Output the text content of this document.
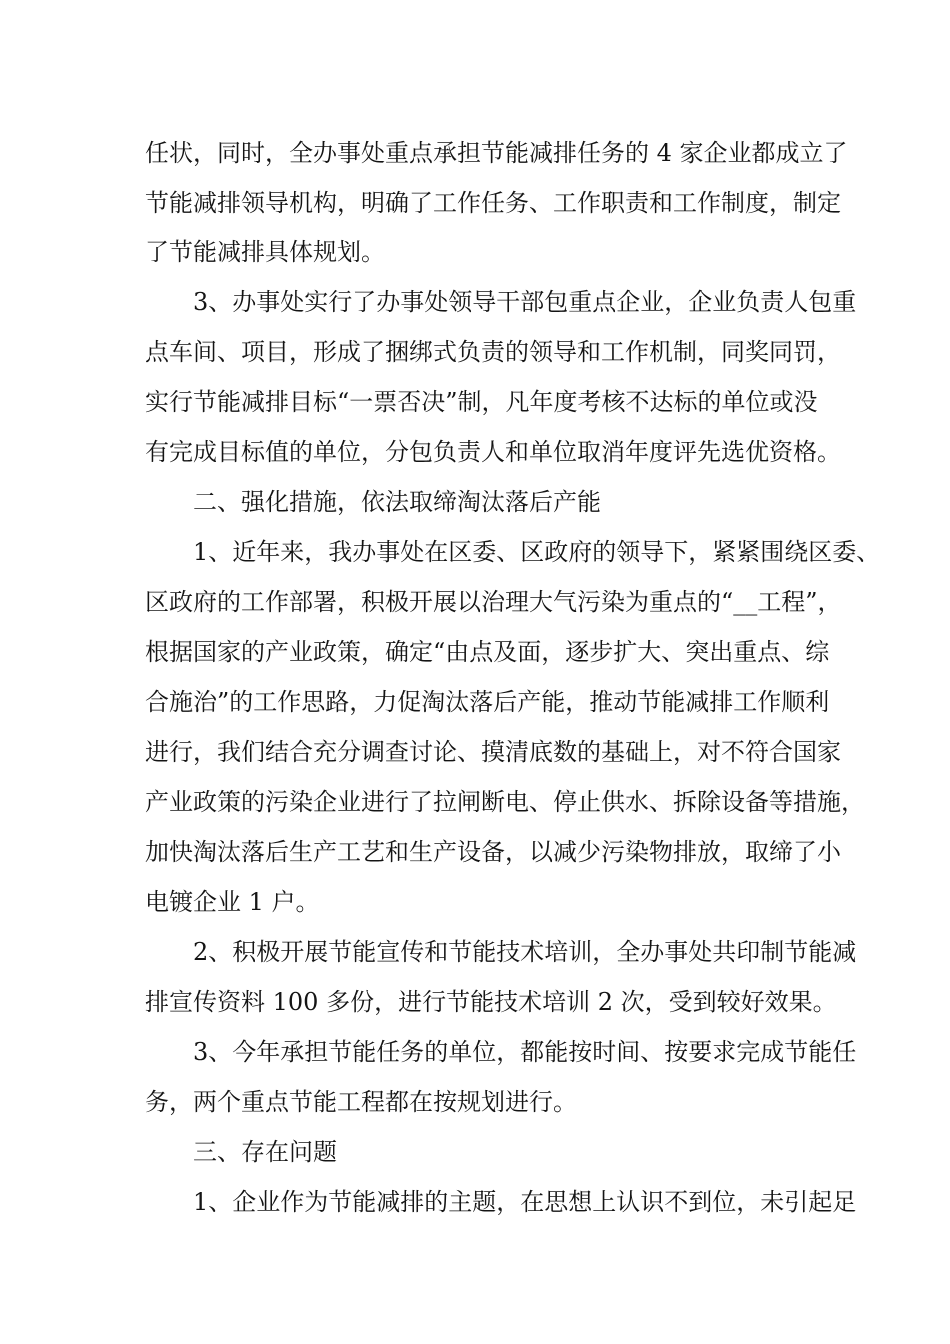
任状，同时，全办事处重点承担节能减排任务的 4 家企业都成立了
节能减排领导机构，明确了工作任务、工作职责和工作制度，制定
了节能减排具体规划。
3、办事处实行了办事处领导干部包重点企业，企业负责人包重
点车间、项目，形成了捆绑式负责的领导和工作机制，同奖同罚，
实行节能减排目标“一票否决”制，凡年度考核不达标的单位或没
有完成目标值的单位，分包负责人和单位取消年度评先选优资格。
二、强化措施，依法取缔淘汰落后产能
1、近年来，我办事处在区委、区政府的领导下，紧紧围绕区委、
区政府的工作部署，积极开展以治理大气污染为重点的“__工程”，
根据国家的产业政策，确定“由点及面，逐步扩大、突出重点、综
合施治”的工作思路，力促淘汰落后产能，推动节能减排工作顺利
进行，我们结合充分调查讨论、摸清底数的基础上，对不符合国家
产业政策的污染企业进行了拉闸断电、停止供水、拆除设备等措施，
加快淘汰落后生产工艺和生产设备，以减少污染物排放，取缔了小
电镀企业 1 户。
2、积极开展节能宣传和节能技术培训，全办事处共印制节能减
排宣传资料 100 多份，进行节能技术培训 2 次，受到较好效果。
3、今年承担节能任务的单位，都能按时间、按要求完成节能任
务，两个重点节能工程都在按规划进行。
三、存在问题
1、企业作为节能减排的主题，在思想上认识不到位，未引起足
